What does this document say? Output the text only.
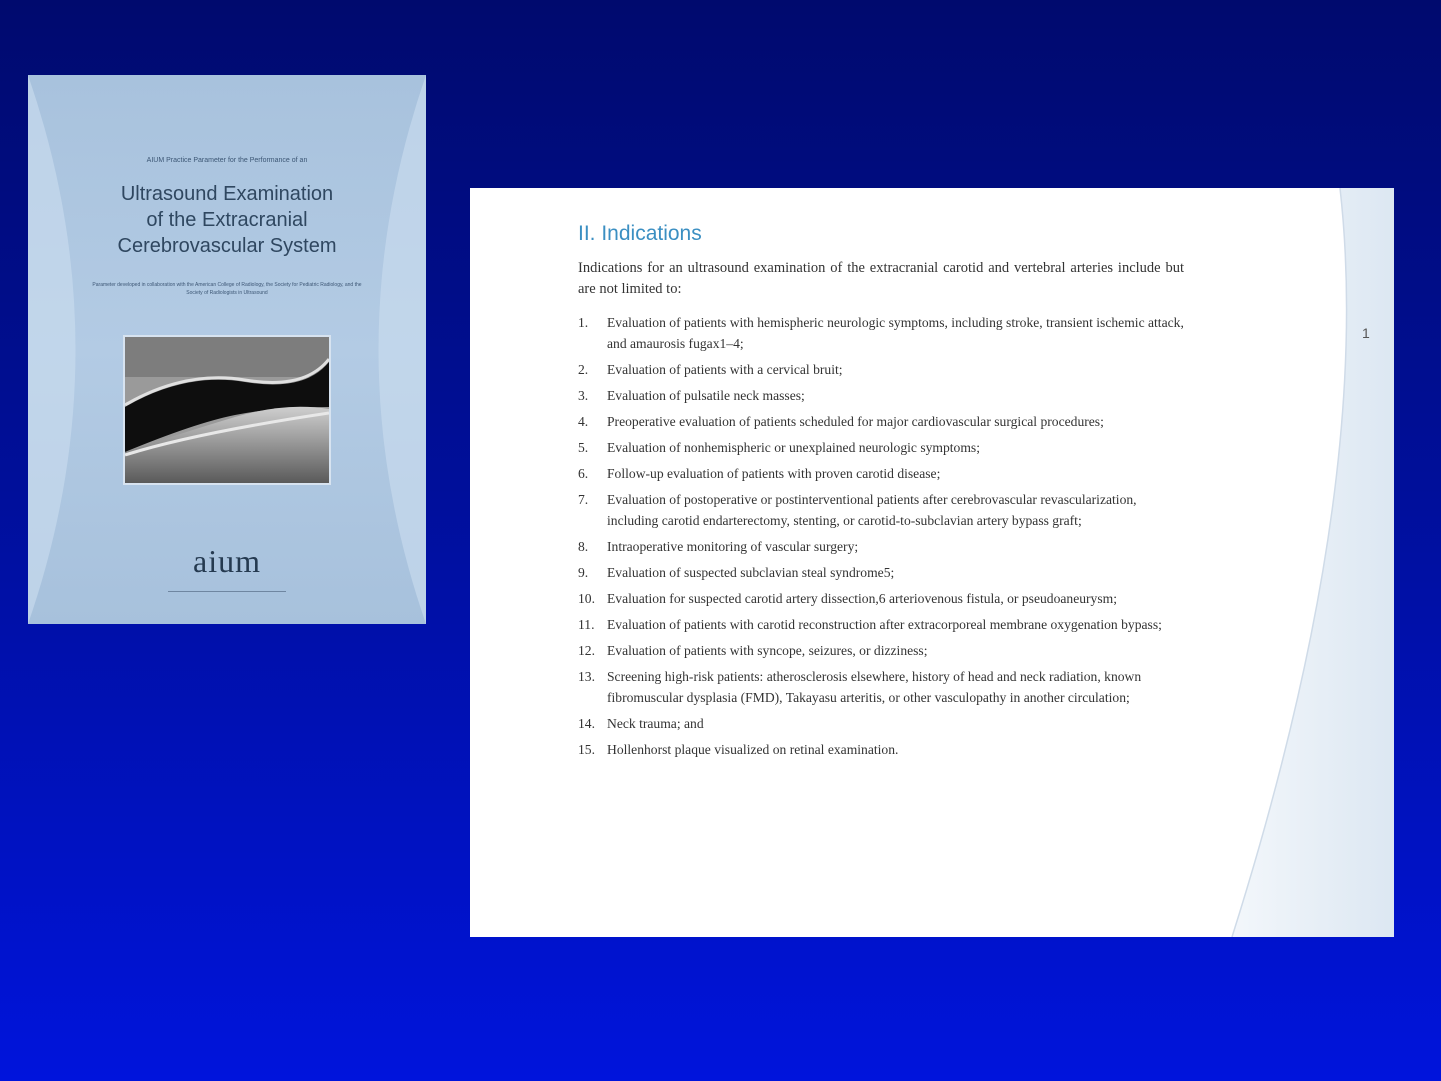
AIUM Practice Parameter for the Performance of an
Ultrasound Examination
of the Extracranial
Cerebrovascular System
Parameter developed in collaboration with the American College of Radiology, the Society for Pediatric Radiology, and the Society of Radiologists in Ultrasound
aium
1
II. Indications
Indications for an ultrasound examination of the extracranial carotid and vertebral arteries include but are not limited to:
1. Evaluation of patients with hemispheric neurologic symptoms, including stroke, transient ischemic attack, and amaurosis fugax1–4;
2. Evaluation of patients with a cervical bruit;
3. Evaluation of pulsatile neck masses;
4. Preoperative evaluation of patients scheduled for major cardiovascular surgical procedures;
5. Evaluation of nonhemispheric or unexplained neurologic symptoms;
6. Follow-up evaluation of patients with proven carotid disease;
7. Evaluation of postoperative or postinterventional patients after cerebrovascular revascularization, including carotid endarterectomy, stenting, or carotid-to-subclavian artery bypass graft;
8. Intraoperative monitoring of vascular surgery;
9. Evaluation of suspected subclavian steal syndrome5;
10. Evaluation for suspected carotid artery dissection,6 arteriovenous fistula, or pseudoaneurysm;
11. Evaluation of patients with carotid reconstruction after extracorporeal membrane oxygenation bypass;
12. Evaluation of patients with syncope, seizures, or dizziness;
13. Screening high-risk patients: atherosclerosis elsewhere, history of head and neck radiation, known fibromuscular dysplasia (FMD), Takayasu arteritis, or other vasculopathy in another circulation;
14. Neck trauma; and
15. Hollenhorst plaque visualized on retinal examination.
